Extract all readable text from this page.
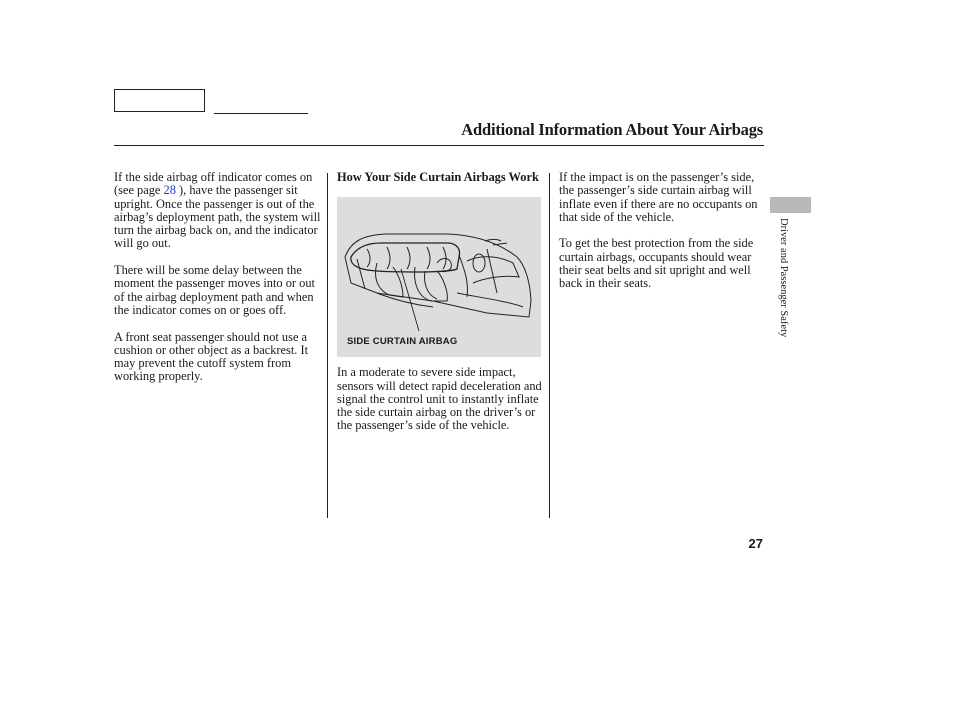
Additional Information About Your Airbags

If the side airbag off indicator comes on (see page 28 ), have the passenger sit upright. Once the passenger is out of the airbag’s deployment path, the system will turn the airbag back on, and the indicator will go out.

There will be some delay between the moment the passenger moves into or out of the airbag deployment path and when the indicator comes on or goes off.

A front seat passenger should not use a cushion or other object as a backrest. It may prevent the cutoff system from working properly.

How Your Side Curtain Airbags Work
SIDE CURTAIN AIRBAG

In a moderate to severe side impact, sensors will detect rapid deceleration and signal the control unit to instantly inflate the side curtain airbag on the driver’s or the passenger’s side of the vehicle.

If the impact is on the passenger’s side, the passenger’s side curtain airbag will inflate even if there are no occupants on that side of the vehicle.

To get the best protection from the side curtain airbags, occupants should wear their seat belts and sit upright and well back in their seats.	Driver and Passenger Safety
27
